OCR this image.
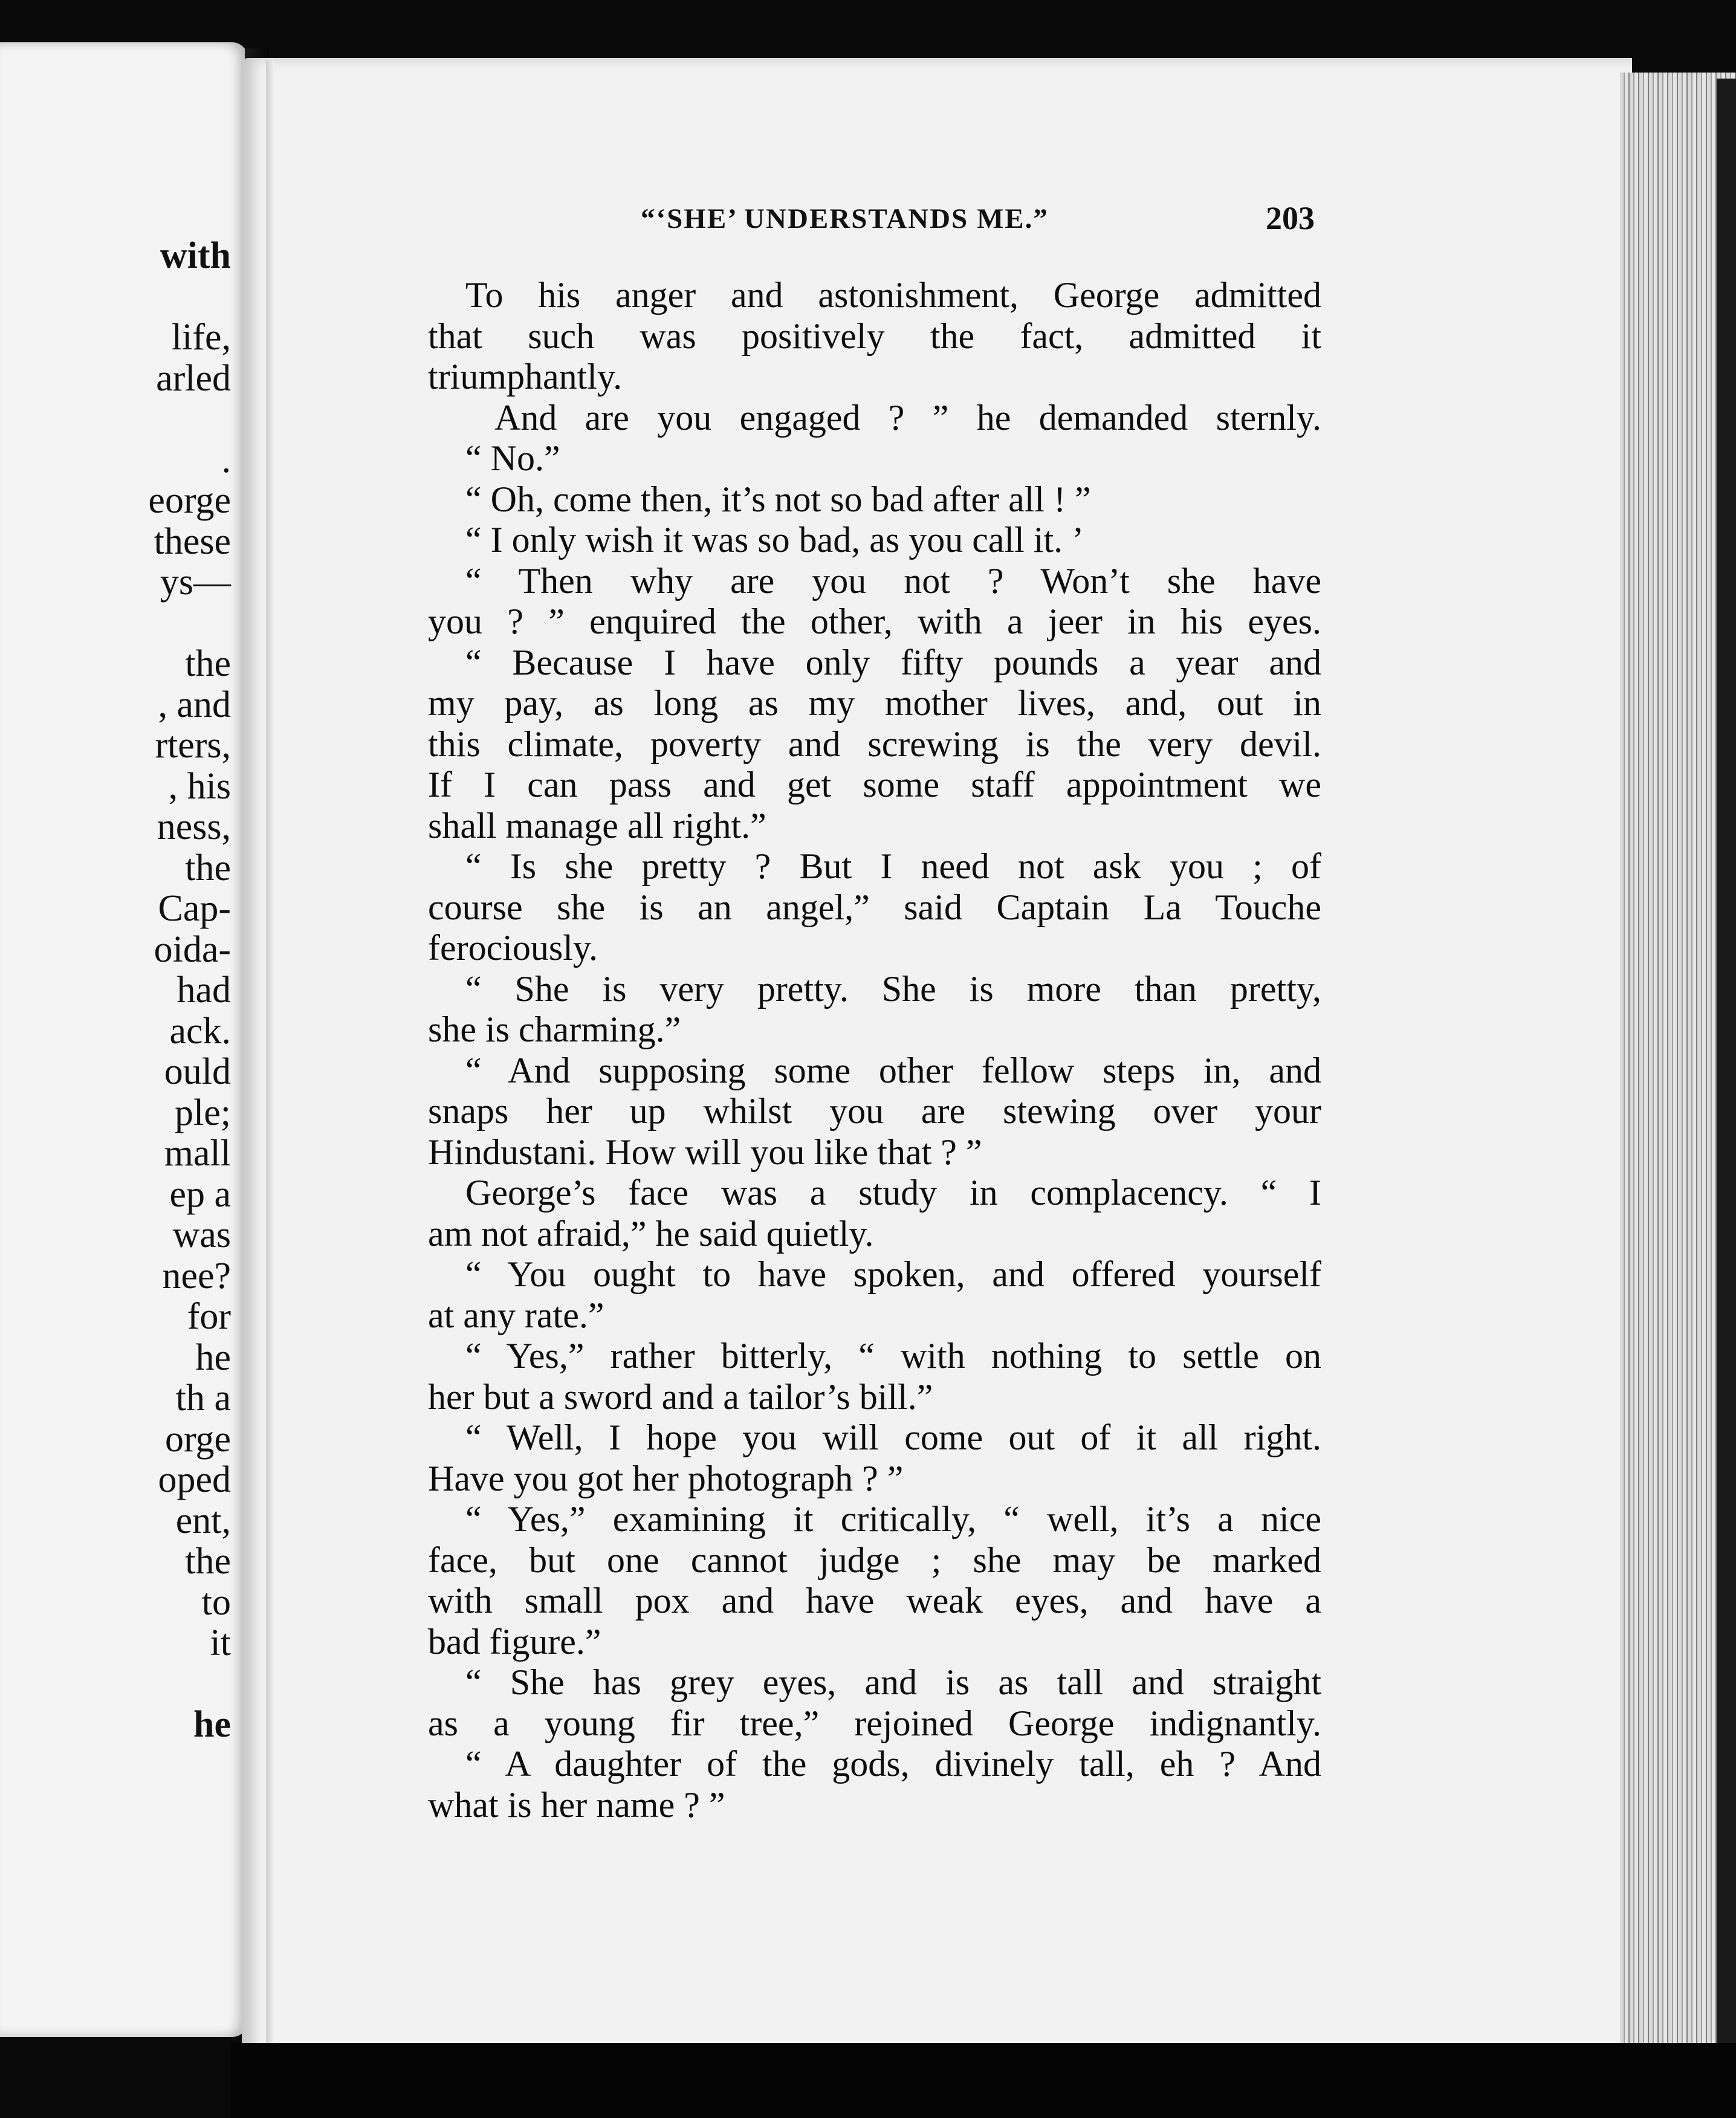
with
life,
arled
.
eorge
these
ys—
the
, and
rters,
, his
ness,
the
Cap-
oida-
had
ack.
ould
ple;
mall
ep a
was
nee?
for
he
th a
orge
oped
ent,
the
to
it
he
“‘SHE’ UNDERSTANDS ME.”	203
To his anger and astonishment, George admitted
that such was positively the fact, admitted it
triumphantly.
And are you engaged ? ” he demanded sternly.
“ No.”
“ Oh, come then, it’s not so bad after all ! ”
“ I only wish it was so bad, as you call it. ’
“ Then why are you not ? Won’t she have
you ? ” enquired the other, with a jeer in his eyes.
“ Because I have only fifty pounds a year and
my pay, as long as my mother lives, and, out in
this climate, poverty and screwing is the very devil.
If I can pass and get some staff appointment we
shall manage all right.”
“ Is she pretty ? But I need not ask you ; of
course she is an angel,” said Captain La Touche
ferociously.
“ She is very pretty. She is more than pretty,
she is charming.”
“ And supposing some other fellow steps in, and
snaps her up whilst you are stewing over your
Hindustani. How will you like that ? ”
George’s face was a study in complacency. “ I
am not afraid,” he said quietly.
“ You ought to have spoken, and offered yourself
at any rate.”
“ Yes,” rather bitterly, “ with nothing to settle on
her but a sword and a tailor’s bill.”
“ Well, I hope you will come out of it all right.
Have you got her photograph ? ”
“ Yes,” examining it critically, “ well, it’s a nice
face, but one cannot judge ; she may be marked
with small pox and have weak eyes, and have a
bad figure.”
“ She has grey eyes, and is as tall and straight
as a young fir tree,” rejoined George indignantly.
“ A daughter of the gods, divinely tall, eh ? And
what is her name ? ”
